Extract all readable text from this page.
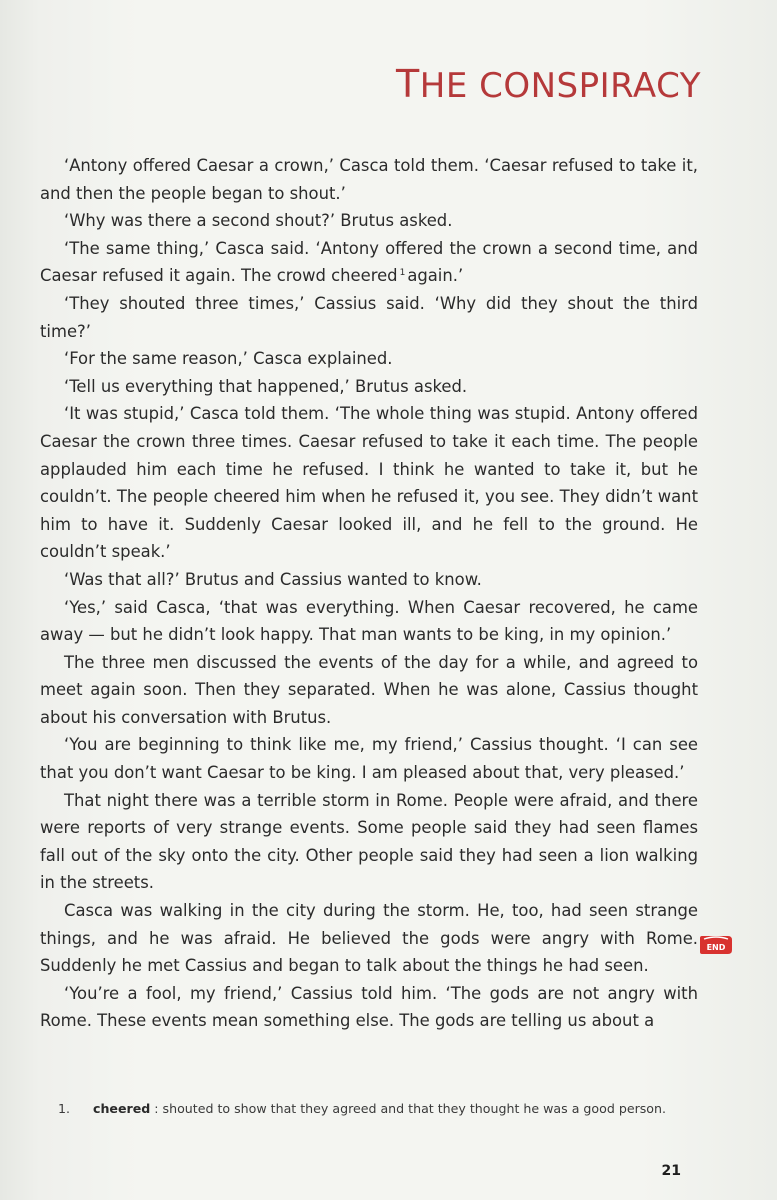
THE CONSPIRACY

‘Antony offered Caesar a crown,’ Casca told them. ‘Caesar refused to take it, and then the people began to shout.’

‘Why was there a second shout?’ Brutus asked.

‘The same thing,’ Casca said. ‘Antony offered the crown a second time, and Caesar refused it again. The crowd cheered $^1$ again.’

‘They shouted three times,’ Cassius said. ‘Why did they shout the third time?’

‘For the same reason,’ Casca explained.

‘Tell us everything that happened,’ Brutus asked.

‘It was stupid,’ Casca told them. ‘The whole thing was stupid. Antony offered Caesar the crown three times. Caesar refused to take it each time. The people applauded him each time he refused. I think he wanted to take it, but he couldn’t. The people cheered him when he refused it, you see. They didn’t want him to have it. Suddenly Caesar looked ill, and he fell to the ground. He couldn’t speak.’

‘Was that all?’ Brutus and Cassius wanted to know.

‘Yes,’ said Casca, ‘that was everything. When Caesar recovered, he came away — but he didn’t look happy. That man wants to be king, in my opinion.’

The three men discussed the events of the day for a while, and agreed to meet again soon. Then they separated. When he was alone, Cassius thought about his conversation with Brutus.

‘You are beginning to think like me, my friend,’ Cassius thought. ‘I can see that you don’t want Caesar to be king. I am pleased about that, very pleased.’

That night there was a terrible storm in Rome. People were afraid, and there were reports of very strange events. Some people said they had seen flames fall out of the sky onto the city. Other people said they had seen a lion walking in the streets.

Casca was walking in the city during the storm. He, too, had seen strange things, and he was afraid. He believed the gods were angry with Rome. Suddenly he met Cassius and began to talk about the things he had seen.

‘You’re a fool, my friend,’ Cassius told him. ‘The gods are not angry with Rome. These events mean something else. The gods are telling us about a

END
1. cheered : shouted to show that they agreed and that they thought he was a good person.
21
